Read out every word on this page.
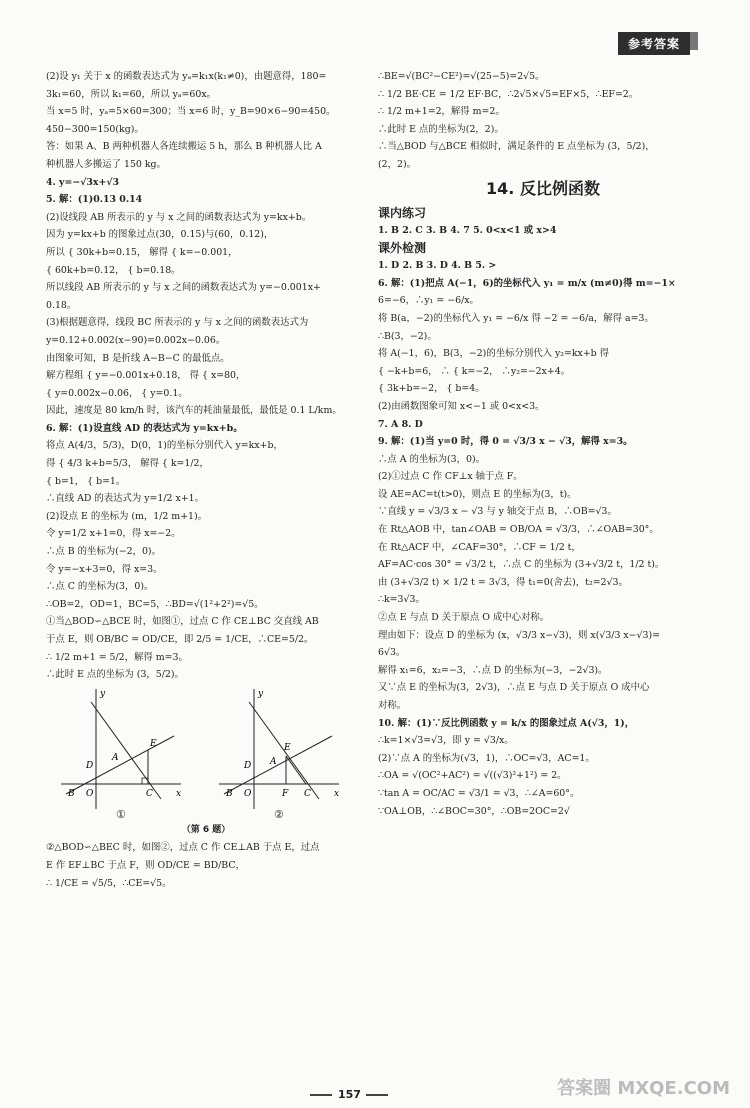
参考答案
(2)设 y₁ 关于 x 的函数表达式为 yₐ=k₁x(k₁≠0)，由题意得，180=
3k₁=60，所以 k₁=60，所以 yₐ=60x。
当 x=5 时，yₐ=5×60=300；当 x=6 时，y_B=90×6−90=450。
450−300=150(kg)。
答：如果 A、B 两种机器人各连续搬运 5 h，那么 B 种机器人比 A
种机器人多搬运了 150 kg。
4. y=−√3x+√3
5. 解：(1)0.13 0.14
(2)设线段 AB 所表示的 y 与 x 之间的函数表达式为 y=kx+b。
因为 y=kx+b 的图象过点(30，0.15)与(60，0.12)，
所以 { 30k+b=0.15， 解得 { k=−0.001，
{ 60k+b=0.12， { b=0.18。
所以线段 AB 所表示的 y 与 x 之间的函数表达式为 y=−0.001x+
0.18。
(3)根据题意得，线段 BC 所表示的 y 与 x 之间的函数表达式为
y=0.12+0.002(x−90)=0.002x−0.06。
由图象可知，B 是折线 A−B−C 的最低点。
解方程组 { y=−0.001x+0.18， 得 { x=80，
{ y=0.002x−0.06， { y=0.1。
因此，速度是 80 km/h 时，该汽车的耗油量最低，最低是 0.1 L/km。
6. 解：(1)设直线 AD 的表达式为 y=kx+b。
将点 A(4/3，5/3)，D(0，1)的坐标分别代入 y=kx+b，
得 { 4/3 k+b=5/3， 解得 { k=1/2，
{ b=1， { b=1。
∴直线 AD 的表达式为 y=1/2 x+1。
(2)设点 E 的坐标为 (m，1/2 m+1)。
令 y=1/2 x+1=0，得 x=−2。
∴点 B 的坐标为(−2，0)。
令 y=−x+3=0，得 x=3。
∴点 C 的坐标为(3，0)。
∴OB=2，OD=1，BC=5，∴BD=√(1²+2²)=√5。
①当△BOD∽△BCE 时，如图①，过点 C 作 CE⊥BC 交直线 AB
于点 E，则 OB/BC = OD/CE，即 2/5 = 1/CE，∴CE=5/2。
∴ 1/2 m+1 = 5/2，解得 m=3。
∴此时 E 点的坐标为 (3，5/2)。
y
E
A
D
B O	C	x
y
E
A
D
B O	F C	x
①	②
（第 6 题）
②△BOD∽△BEC 时，如图②，过点 C 作 CE⊥AB 于点 E，过点
E 作 EF⊥BC 于点 F，则 OD/CE = BD/BC，
∴ 1/CE = √5/5，∴CE=√5。
∴BE=√(BC²−CE²)=√(25−5)=2√5。
∴ 1/2 BE·CE = 1/2 EF·BC，∴2√5×√5=EF×5，∴EF=2。
∴ 1/2 m+1=2，解得 m=2。
∴此时 E 点的坐标为(2，2)。
∴当△BOD 与△BCE 相似时，满足条件的 E 点坐标为 (3，5/2)，
(2，2)。
14. 反比例函数
课内练习
1. B 2. C 3. B 4. 7 5. 0<x<1 或 x>4
课外检测
1. D 2. B 3. D 4. B 5. >
6. 解：(1)把点 A(−1，6)的坐标代入 y₁ = m/x (m≠0)得 m=−1×
6=−6，∴y₁ = −6/x。
将 B(a，−2)的坐标代入 y₁ = −6/x 得 −2 = −6/a，解得 a=3。
∴B(3，−2)。
将 A(−1，6)，B(3，−2)的坐标分别代入 y₂=kx+b 得
{ −k+b=6， ∴ { k=−2， ∴y₂=−2x+4。
{ 3k+b=−2， { b=4。
(2)由函数图象可知 x<−1 或 0<x<3。
7. A 8. D
9. 解：(1)当 y=0 时，得 0 = √3/3 x − √3，解得 x=3。
∴点 A 的坐标为(3，0)。
(2)①过点 C 作 CF⊥x 轴于点 F。
设 AE=AC=t(t>0)，则点 E 的坐标为(3，t)。
∵直线 y = √3/3 x − √3 与 y 轴交于点 B，∴OB=√3。
在 Rt△AOB 中，tan∠OAB = OB/OA = √3/3，∴∠OAB=30°。
在 Rt△ACF 中，∠CAF=30°，∴CF = 1/2 t，
AF=AC·cos 30° = √3/2 t，∴点 C 的坐标为 (3+√3/2 t，1/2 t)。
由 (3+√3/2 t) × 1/2 t = 3√3，得 t₁=0(舍去)，t₂=2√3。
∴k=3√3。
②点 E 与点 D 关于原点 O 成中心对称。
理由如下：设点 D 的坐标为 (x，√3/3 x−√3)，则 x(√3/3 x−√3)=
6√3。
解得 x₁=6，x₂=−3，∴点 D 的坐标为(−3，−2√3)。
又∵点 E 的坐标为(3，2√3)，∴点 E 与点 D 关于原点 O 成中心
对称。
10. 解：(1)∵反比例函数 y = k/x 的图象过点 A(√3，1)，
∴k=1×√3=√3，即 y = √3/x。
(2)∵点 A 的坐标为(√3，1)，∴OC=√3，AC=1。
∴OA = √(OC²+AC²) = √((√3)²+1²) = 2。
∵tan A = OC/AC = √3/1 = √3，∴∠A=60°。
∵OA⊥OB，∴∠BOC=30°，∴OB=2OC=2√
157	答案圈 MXQE.COM
